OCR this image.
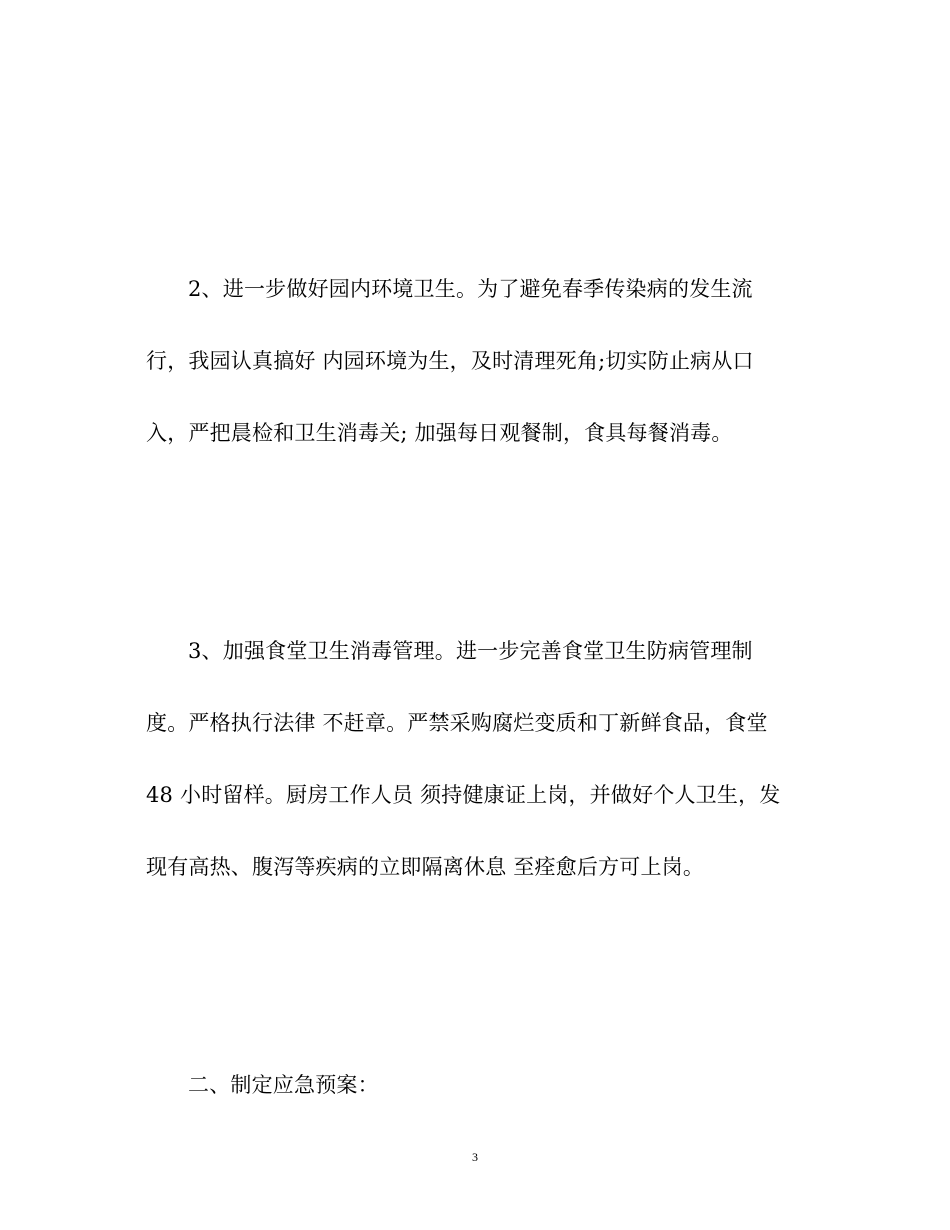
2、进一步做好园内环境卫生。为了避免春季传染病的发生流
行，我园认真搞好 内园环境为生，及时清理死角;切实防止病从口
入，严把晨检和卫生消毒关; 加强每日观餐制，食具每餐消毒。
3、加强食堂卫生消毒管理。进一步完善食堂卫生防病管理制
度。严格执行法律 不赶章。严禁采购腐烂变质和丁新鲜食品，食堂
48 小时留样。厨房工作人员 须持健康证上岗，并做好个人卫生，发
现有高热、腹泻等疾病的立即隔离休息 至痊愈后方可上岗。
二、制定应急预案：
3
